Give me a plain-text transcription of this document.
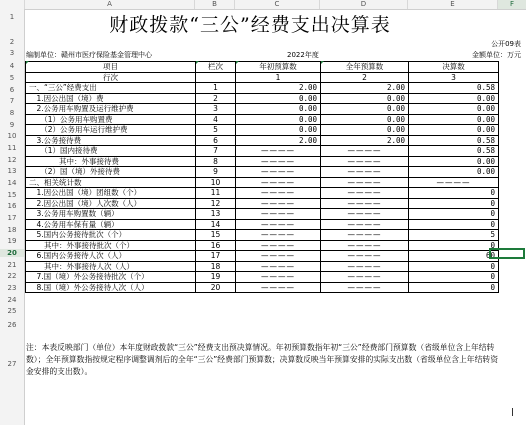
A	B	C	D	E	F
1
2
3
4
5
6
7
8
9
10
11
12
13
14
15
16
17
18
19
20
21
22
23
24
25
26
27
财政拨款“三公”经费支出决算表
公开09表
编制单位：赣州市医疗保险基金管理中心	2022年度	金额单位：万元
项目	栏次	年初预算数	全年预算数	决算数
行次		1	2	3
一、“三公”经费支出	1	2.00	2.00	0.58
　1.因公出国（境）费	2	0.00	0.00	0.00
　2.公务用车购置及运行维护费	3	0.00	0.00	0.00
　　（1）公务用车购置费	4	0.00	0.00	0.00
　　（2）公务用车运行维护费	5	0.00	0.00	0.00
　3.公务接待费	6	2.00	2.00	0.58
　　（1）国内接待费	7	————	————	0.58
　　　　其中：外事接待费	8	————	————	0.00
　　（2）国（境）外接待费	9	————	————	0.00
二、相关统计数	10	————	————	————
　1.因公出国（境）团组数（个）	11	————	————	0
　2.因公出国（境）人次数（人）	12	————	————	0
　3.公务用车购置数（辆）	13	————	————	0
　4.公务用车保有量（辆）	14	————	————	0
　5.国内公务接待批次（个）	15	————	————	5
　　其中：外事接待批次（个）	16	————	————	0
　6.国内公务接待人次（人）	17	————	————	60
　　其中：外事接待人次（人）	18	————	————	0
　7.国（境）外公务接待批次（个）	19	————	————	0
　8.国（境）外公务接待人次（人）	20	————	————	0
注：本表反映部门（单位）本年度财政拨款“三公”经费支出预决算情况。年初预算数指年初“三公”经费部门预算数（省级单位含上年结转数）；全年预算数指按规定程序调整调剂后的全年“三公”经费部门预算数；决算数反映当年预算安排的实际支出数（省级单位含上年结转资金安排的支出数）。
